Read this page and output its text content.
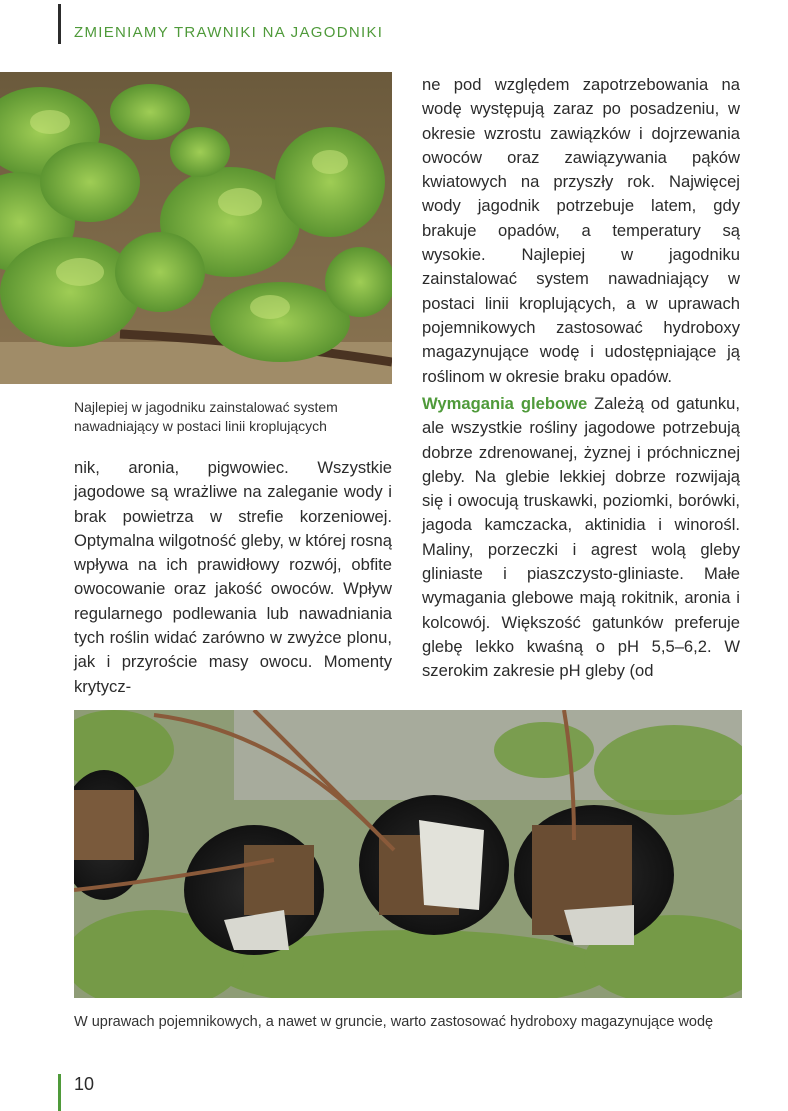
ZMIENIAMY TRAWNIKI NA JAGODNIKI
Najlepiej w jagodniku zainstalować system nawadniający w postaci linii kroplujących
nik, aronia, pigwowiec. Wszystkie jagodowe są wrażliwe na zaleganie wody i brak powietrza w strefie korzeniowej. Optymalna wilgotność gleby, w której rosną wpływa na ich prawidłowy rozwój, obfite owocowanie oraz jakość owoców. Wpływ regularnego podlewania lub nawadniania tych roślin widać zarówno w zwyżce plonu, jak i przyroście masy owocu. Momenty krytycz-
ne pod względem zapotrzebowania na wodę występują zaraz po posadzeniu, w okresie wzrostu zawiązków i dojrzewania owoców oraz zawiązywania pąków kwiatowych na przyszły rok. Najwięcej wody jagodnik potrzebuje latem, gdy brakuje opadów, a temperatury są wysokie. Najlepiej w jagodniku zainstalować system nawadniający w postaci linii kroplujących, a w uprawach pojemnikowych zastosować hydroboxy magazynujące wodę i udostępniające ją roślinom w okresie braku opadów.
Wymagania glebowe Zależą od gatunku, ale wszystkie rośliny jagodowe potrzebują dobrze zdrenowanej, żyznej i próchnicznej gleby. Na glebie lekkiej dobrze rozwijają się i owocują truskawki, poziomki, borówki, jagoda kamczacka, aktinidia i winorośl. Maliny, porzeczki i agrest wolą gleby gliniaste i piaszczysto-gliniaste. Małe wymagania glebowe mają rokitnik, aronia i kolcowój. Większość gatunków preferuje glebę lekko kwaśną o pH 5,5–6,2. W szerokim zakresie pH gleby (od
W uprawach pojemnikowych, a nawet w gruncie, warto zastosować hydroboxy magazynujące wodę
10
